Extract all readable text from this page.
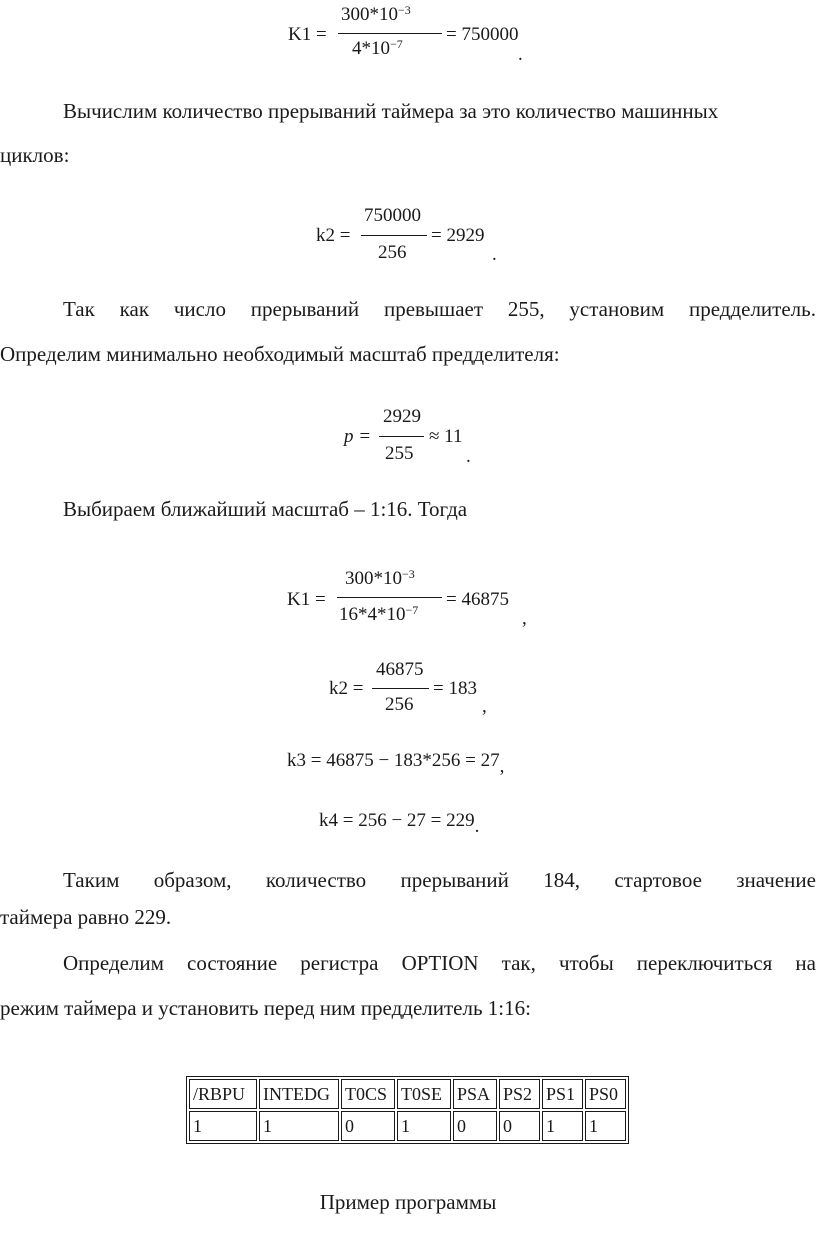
K1 =
$300*10^{-3}$
$4*10^{-7} = 750000$
.
Вычислим количество прерываний таймера за это количество машинных
циклов:
k2 =
750000
256
= 2929
.
Так как число прерываний превышает 255, установим предделитель.
Определим минимально необходимый масштаб предделителя:
p =
2929
255
≈ 11
.
Выбираем ближайший масштаб – 1:16. Тогда
K1 =
$300*10^{-3}$
$16*4*10^{-7} = 46875$
,
k2 =
46875
256
= 183
,
k3 = 46875 − 183*256 = 27,
k4 = 256 − 27 = 229.
Таким образом, количество прерываний 184, стартовое значение
таймера равно 229.
Определим состояние регистра OPTION так, чтобы переключиться на
режим таймера и установить перед ним предделитель 1:16:
/RBPU	INTEDG	T0CS	T0SE	PSA	PS2	PS1	PS0
1	1	0	1	0	0	1	1
Пример программы
